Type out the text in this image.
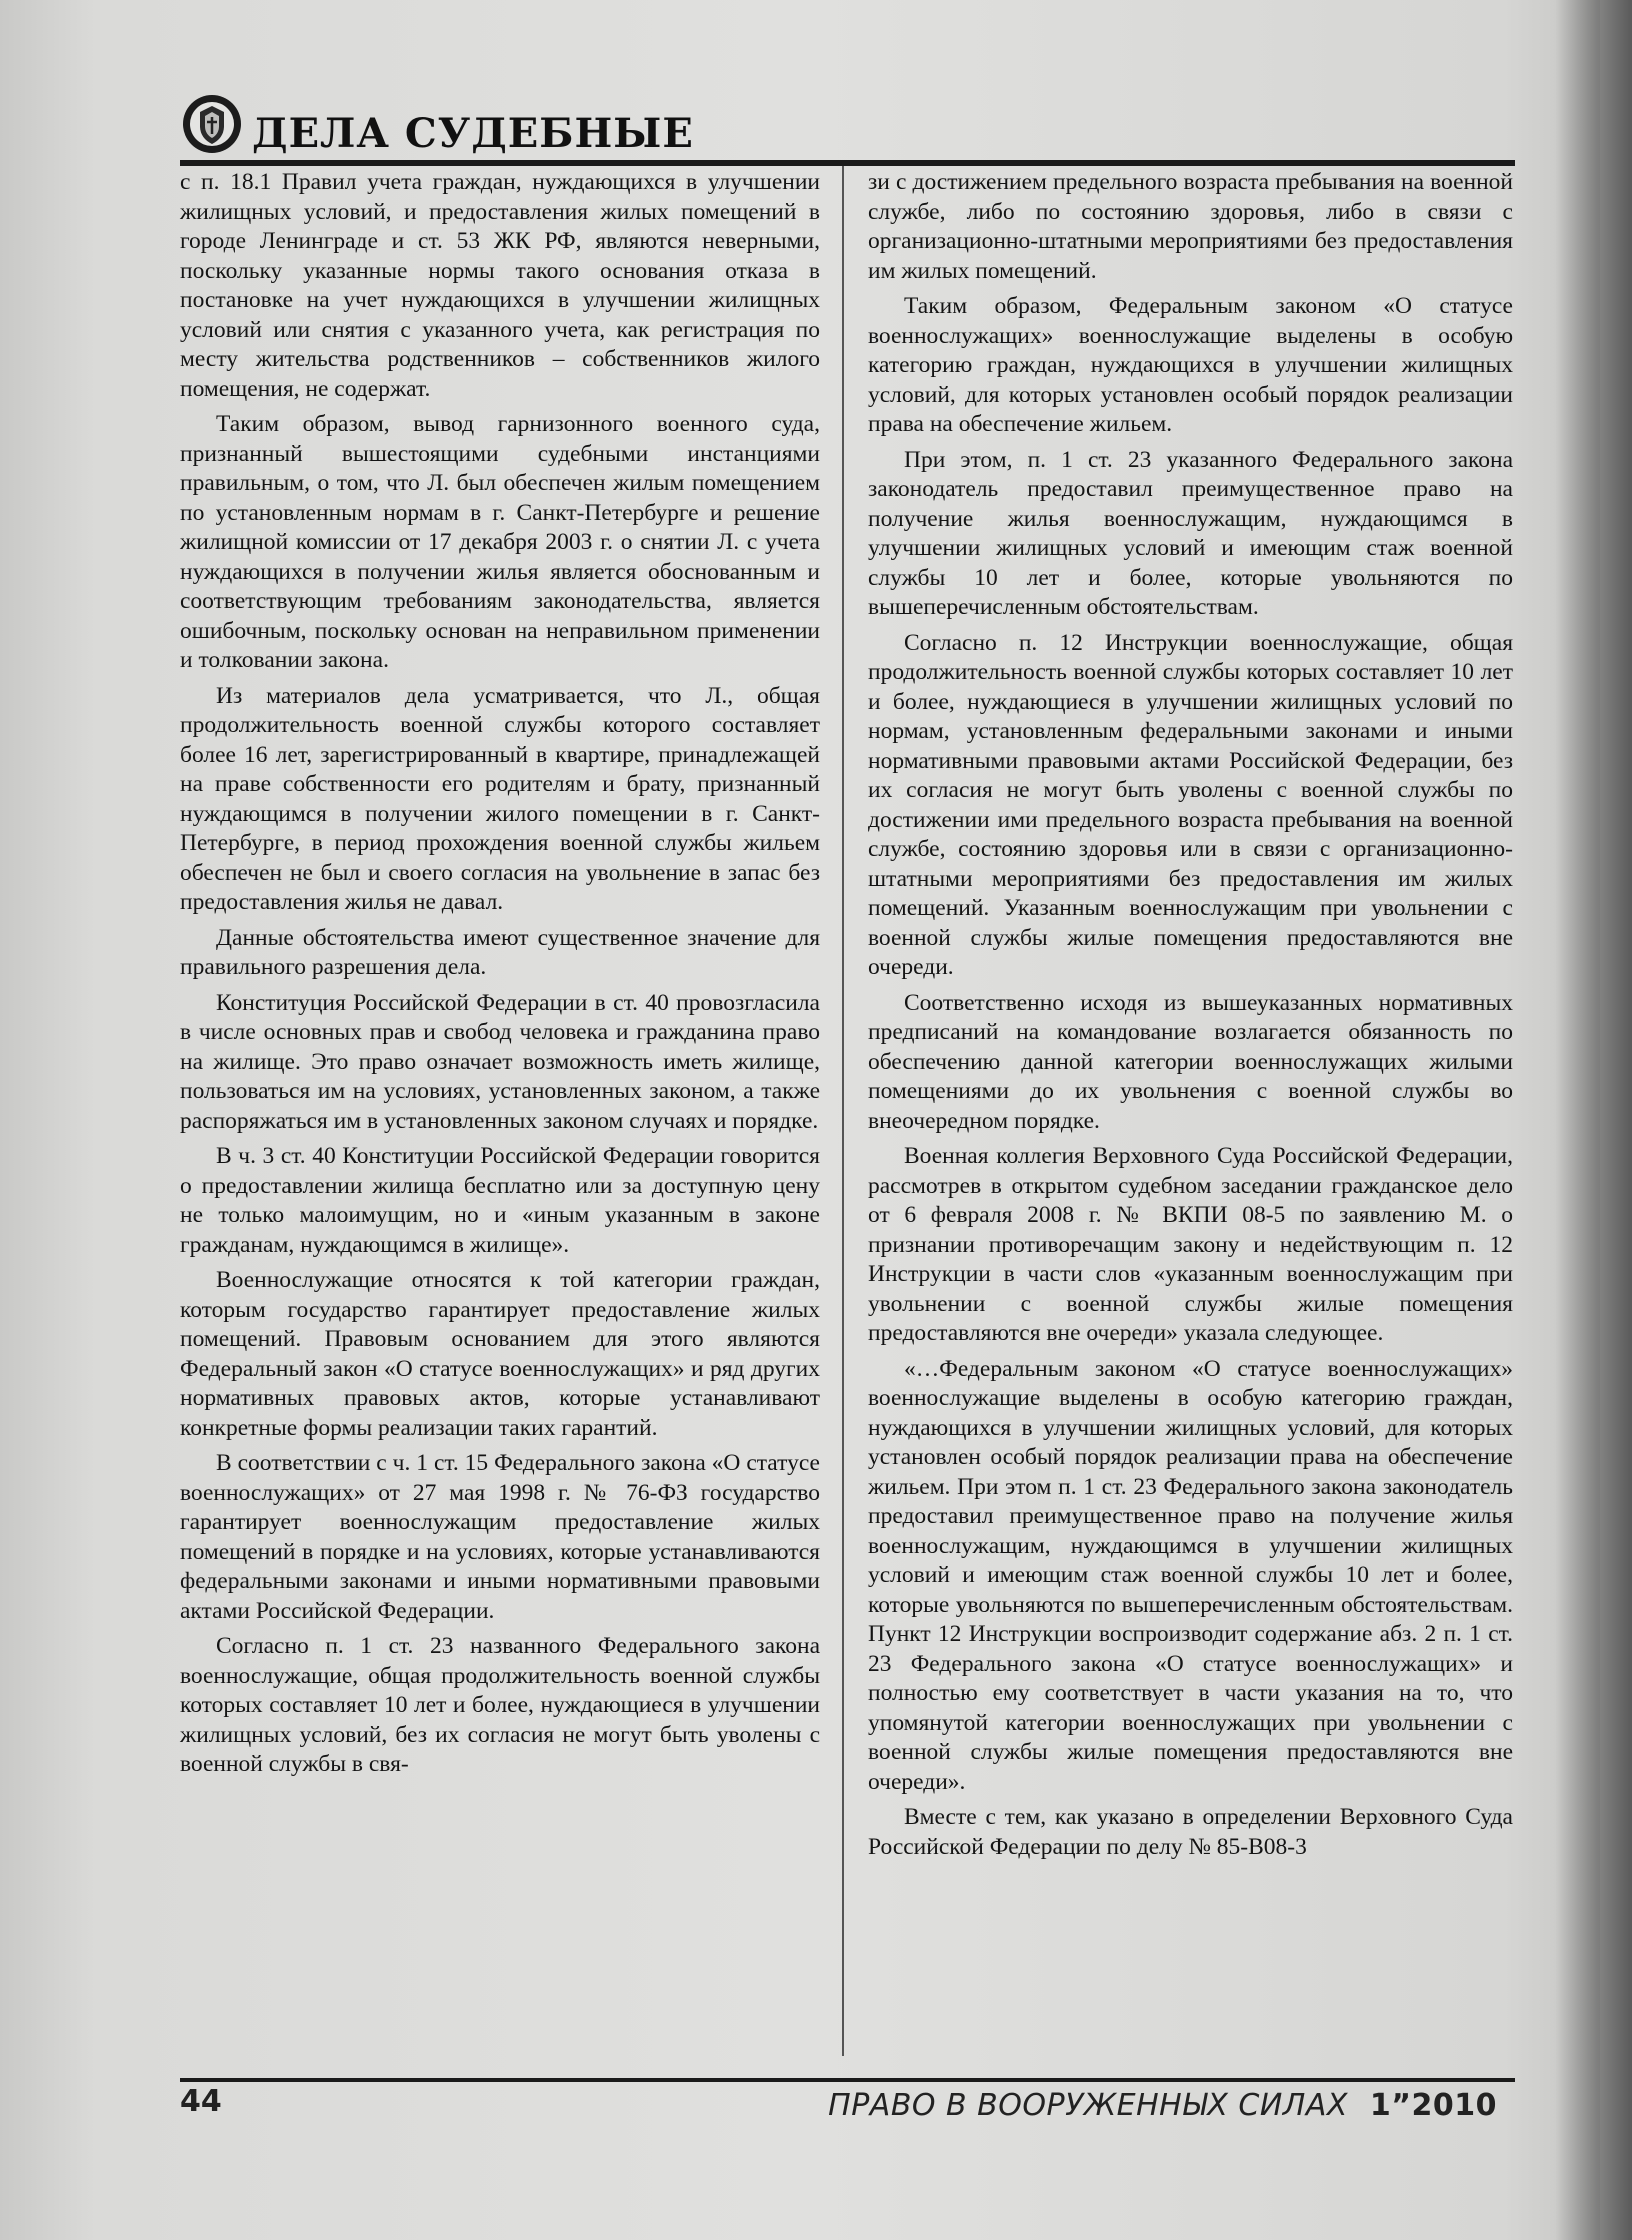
ДЕЛА СУДЕБНЫЕ

с п. 18.1 Правил учета граждан, нуждающихся в улучшении жилищных условий, и предоставления жилых помещений в городе Ленинграде и ст. 53 ЖК РФ, являются неверными, поскольку указанные нормы такого основания отказа в постановке на учет нуждающихся в улучшении жилищных условий или снятия с указанного учета, как регистрация по месту жительства родственников – собственников жилого помещения, не содержат.

Таким образом, вывод гарнизонного военного суда, признанный вышестоящими судебными инстанциями правильным, о том, что Л. был обеспечен жилым помещением по установленным нормам в г. Санкт-Петербурге и решение жилищной комиссии от 17 декабря 2003 г. о снятии Л. с учета нуждающихся в получении жилья является обоснованным и соответствующим требованиям законодательства, является ошибочным, поскольку основан на неправильном применении и толковании закона.

Из материалов дела усматривается, что Л., общая продолжительность военной службы которого составляет более 16 лет, зарегистрированный в квартире, принадлежащей на праве собственности его родителям и брату, признанный нуждающимся в получении жилого помещении в г. Санкт-Петербурге, в период прохождения военной службы жильем обеспечен не был и своего согласия на увольнение в запас без предоставления жилья не давал.

Данные обстоятельства имеют существенное значение для правильного разрешения дела.

Конституция Российской Федерации в ст. 40 провозгласила в числе основных прав и свобод человека и гражданина право на жилище. Это право означает возможность иметь жилище, пользоваться им на условиях, установленных законом, а также распоряжаться им в установленных законом случаях и порядке.

В ч. 3 ст. 40 Конституции Российской Федерации говорится о предоставлении жилища бесплатно или за доступную цену не только малоимущим, но и «иным указанным в законе гражданам, нуждающимся в жилище».

Военнослужащие относятся к той категории граждан, которым государство гарантирует предоставление жилых помещений. Правовым основанием для этого являются Федеральный закон «О статусе военнослужащих» и ряд других нормативных правовых актов, которые устанавливают конкретные формы реализации таких гарантий.

В соответствии с ч. 1 ст. 15 Федерального закона «О статусе военнослужащих» от 27 мая 1998 г. № 76-ФЗ государство гарантирует военнослужащим предоставление жилых помещений в порядке и на условиях, которые устанавливаются федеральными законами и иными нормативными правовыми актами Российской Федерации.

Согласно п. 1 ст. 23 названного Федерального закона военнослужащие, общая продолжительность военной службы которых составляет 10 лет и более, нуждающиеся в улучшении жилищных условий, без их согласия не могут быть уволены с военной службы в свя-

зи с достижением предельного возраста пребывания на военной службе, либо по состоянию здоровья, либо в связи с организационно-штатными мероприятиями без предоставления им жилых помещений.

Таким образом, Федеральным законом «О статусе военнослужащих» военнослужащие выделены в особую категорию граждан, нуждающихся в улучшении жилищных условий, для которых установлен особый порядок реализации права на обеспечение жильем.

При этом, п. 1 ст. 23 указанного Федерального закона законодатель предоставил преимущественное право на получение жилья военнослужащим, нуждающимся в улучшении жилищных условий и имеющим стаж военной службы 10 лет и более, которые увольняются по вышеперечисленным обстоятельствам.

Согласно п. 12 Инструкции военнослужащие, общая продолжительность военной службы которых составляет 10 лет и более, нуждающиеся в улучшении жилищных условий по нормам, установленным федеральными законами и иными нормативными правовыми актами Российской Федерации, без их согласия не могут быть уволены с военной службы по достижении ими предельного возраста пребывания на военной службе, состоянию здоровья или в связи с организационно-штатными мероприятиями без предоставления им жилых помещений. Указанным военнослужащим при увольнении с военной службы жилые помещения предоставляются вне очереди.

Соответственно исходя из вышеуказанных нормативных предписаний на командование возлагается обязанность по обеспечению данной категории военнослужащих жилыми помещениями до их увольнения с военной службы во внеочередном порядке.

Военная коллегия Верховного Суда Российской Федерации, рассмотрев в открытом судебном заседании гражданское дело от 6 февраля 2008 г. № ВКПИ 08-5 по заявлению М. о признании противоречащим закону и недействующим п. 12 Инструкции в части слов «указанным военнослужащим при увольнении с военной службы жилые помещения предоставляются вне очереди» указала следующее.

«…Федеральным законом «О статусе военнослужащих» военнослужащие выделены в особую категорию граждан, нуждающихся в улучшении жилищных условий, для которых установлен особый порядок реализации права на обеспечение жильем. При этом п. 1 ст. 23 Федерального закона законодатель предоставил преимущественное право на получение жилья военнослужащим, нуждающимся в улучшении жилищных условий и имеющим стаж военной службы 10 лет и более, которые увольняются по вышеперечисленным обстоятельствам. Пункт 12 Инструкции воспроизводит содержание абз. 2 п. 1 ст. 23 Федерального закона «О статусе военнослужащих» и полностью ему соответствует в части указания на то, что упомянутой категории военнослужащих при увольнении с военной службы жилые помещения предоставляются вне очереди».

Вместе с тем, как указано в определении Верховного Суда Российской Федерации по делу № 85-В08-3

44	ПРАВО В ВООРУЖЕННЫХ СИЛАХ 1”2010
